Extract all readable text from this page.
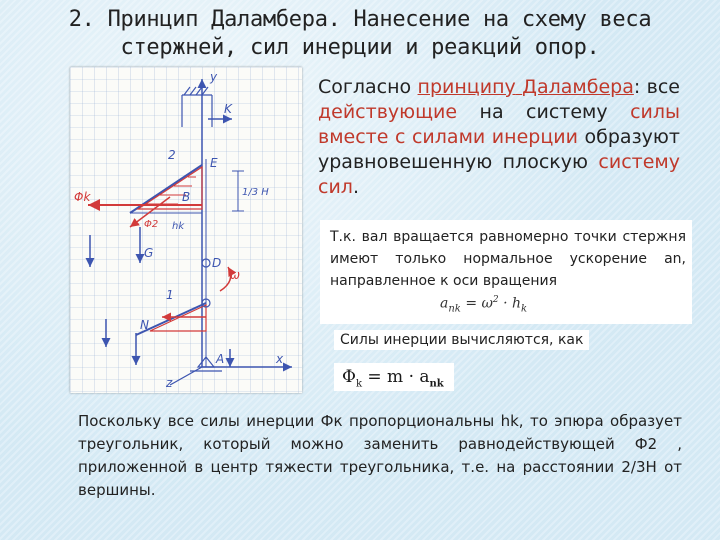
2. Принцип Даламбера. Нанесение на схему веса
стержней, сил инерции и реакций опор.
y
K
2
E
1/3 H
Φk
Φ2
G
B
hk
D
ω
1
N
A	x
z
Согласно принципу Даламбера: все действующие на систему силы вместе с силами инерции образуют уравновешенную плоскую систему сил.
Т.к. вал вращается равномерно точки стержня имеют только нормальное ускорение an, направленное к оси вращения
$a_{nk} = \omega^2 \cdot h_k$
Силы инерции вычисляются, как
$\Phi_k = m \cdot a_{nk}$
Поскольку все силы инерции Фк пропорциональны hk, то эпюра образует треугольник, который можно заменить равнодействующей Ф2 , приложенной в центр тяжести треугольника, т.е. на расстоянии 2/3Н от вершины.
